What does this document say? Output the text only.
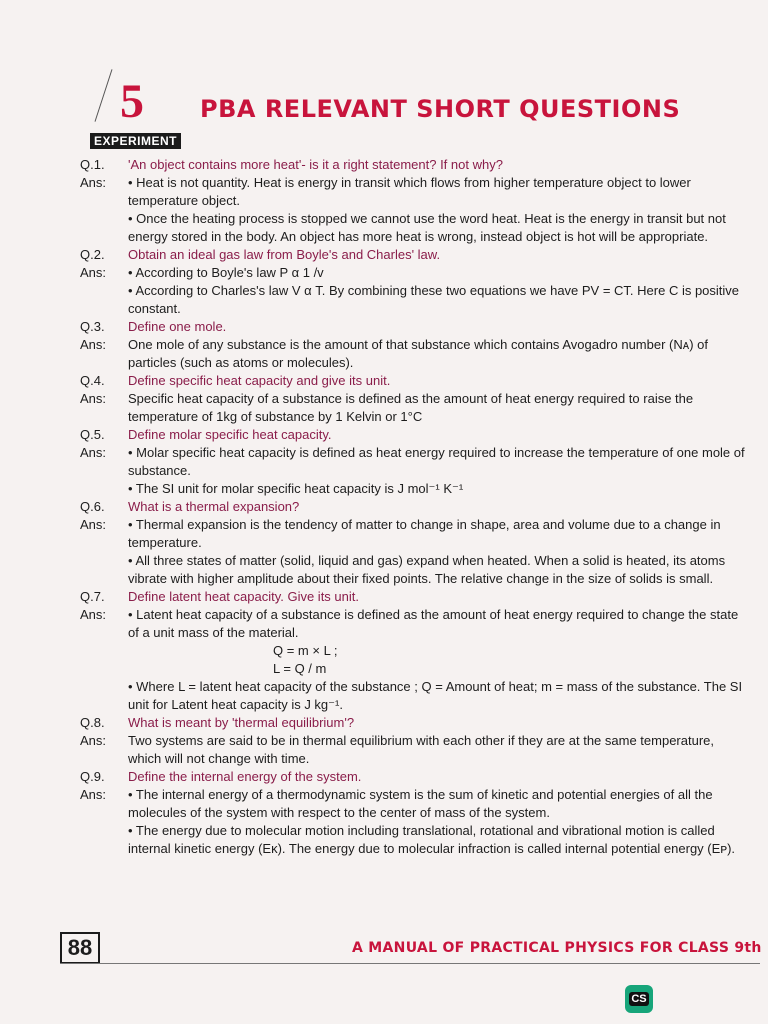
5 PBA RELEVANT SHORT QUESTIONS
EXPERIMENT
Q.1.	'An object contains more heat'- is it a right statement? If not why?
Ans:	• Heat is not quantity. Heat is energy in transit which flows from higher temperature object to lower temperature object.

• Once the heating process is stopped we cannot use the word heat. Heat is the energy in transit but not energy stored in the body. An object has more heat is wrong, instead object is hot will be appropriate.

Q.2.	Obtain an ideal gas law from Boyle's and Charles' law.
Ans:	• According to Boyle's law P α 1 /v

• According to Charles's law V α T. By combining these two equations we have PV = CT. Here C is positive constant.

Q.3.	Define one mole.
Ans:	One mole of any substance is the amount of that substance which contains Avogadro number (Nᴀ) of particles (such as atoms or molecules).

Q.4.	Define specific heat capacity and give its unit.
Ans:	Specific heat capacity of a substance is defined as the amount of heat energy required to raise the temperature of 1kg of substance by 1 Kelvin or 1°C

Q.5.	Define molar specific heat capacity.
Ans:	• Molar specific heat capacity is defined as heat energy required to increase the temperature of one mole of substance.

• The SI unit for molar specific heat capacity is J mol⁻¹ K⁻¹

Q.6.	What is a thermal expansion?
Ans:	• Thermal expansion is the tendency of matter to change in shape, area and volume due to a change in temperature.

• All three states of matter (solid, liquid and gas) expand when heated. When a solid is heated, its atoms vibrate with higher amplitude about their fixed points. The relative change in the size of solids is small.

Q.7.	Define latent heat capacity. Give its unit.
Ans:	• Latent heat capacity of a substance is defined as the amount of heat energy required to change the state of a unit mass of the material.

Q = m × L ;
L = Q / m

• Where L = latent heat capacity of the substance ; Q = Amount of heat; m = mass of the substance. The SI unit for Latent heat capacity is J kg⁻¹.

Q.8.	What is meant by 'thermal equilibrium'?
Ans:	Two systems are said to be in thermal equilibrium with each other if they are at the same temperature, which will not change with time.

Q.9.	Define the internal energy of the system.
Ans:	• The internal energy of a thermodynamic system is the sum of kinetic and potential energies of all the molecules of the system with respect to the center of mass of the system.

• The energy due to molecular motion including translational, rotational and vibrational motion is called internal kinetic energy (Eᴋ). The energy due to molecular infraction is called internal potential energy (Eᴘ).

88	A MANUAL OF PRACTICAL PHYSICS FOR CLASS 9th
CS
